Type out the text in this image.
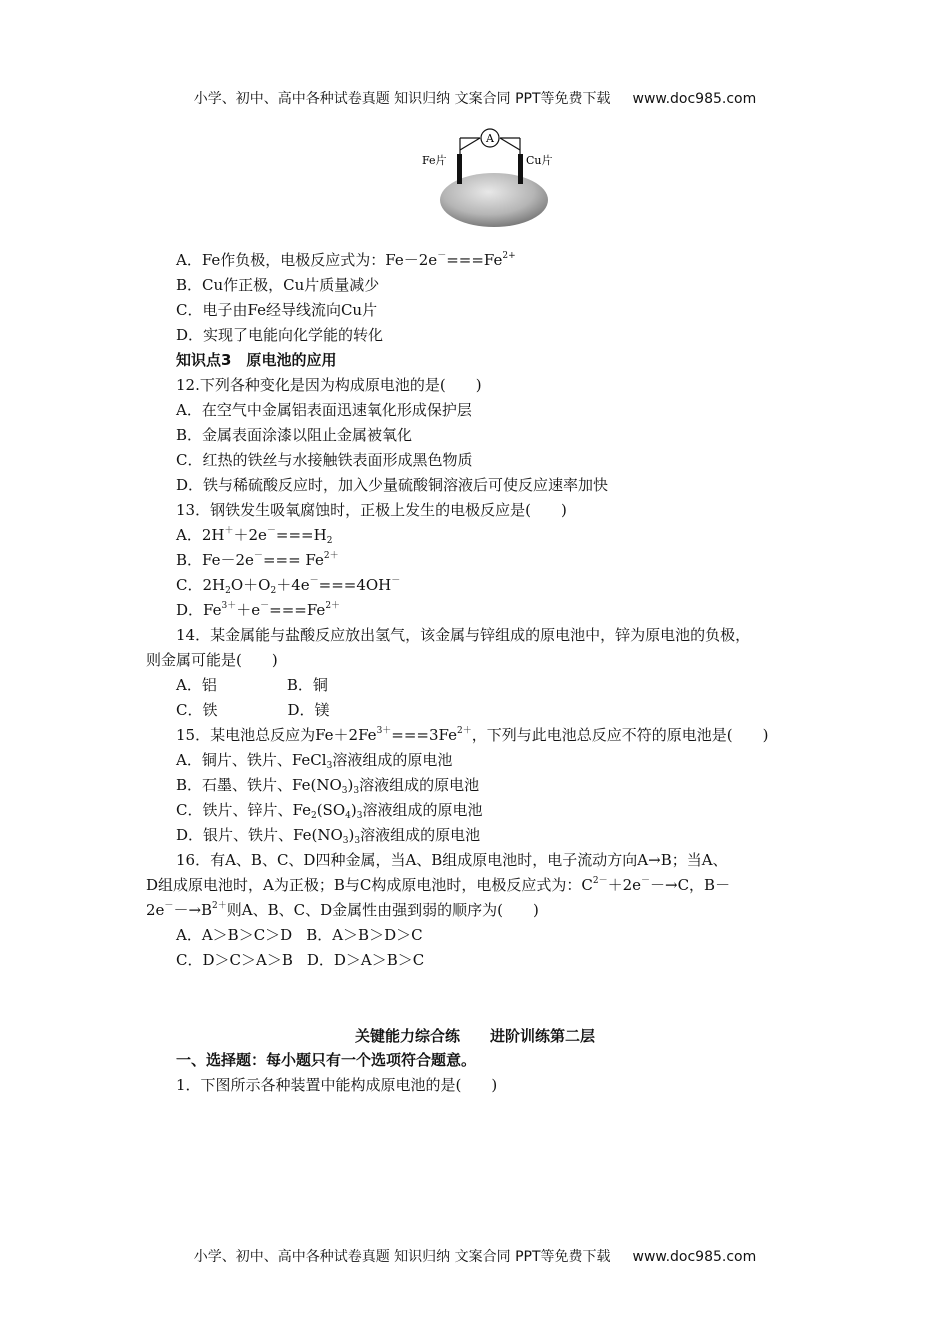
小学、初中、高中各种试卷真题 知识归纳 文案合同 PPT等免费下载 www.doc985.com
A
Fe片	Cu片
A．Fe作负极，电极反应式为：$Fe-2e^-===Fe^{2+}$
B．Cu作正极，Cu片质量减少
C．电子由Fe经导线流向Cu片
D．实现了电能向化学能的转化
知识点3　原电池的应用
12.下列各种变化是因为构成原电池的是(　　)
A．在空气中金属铝表面迅速氧化形成保护层
B．金属表面涂漆以阻止金属被氧化
C．红热的铁丝与水接触铁表面形成黑色物质
D．铁与稀硫酸反应时，加入少量硫酸铜溶液后可使反应速率加快
13．钢铁发生吸氧腐蚀时，正极上发生的电极反应是(　　)
A．$2H^++2e^-===H_2$
B．$Fe-2e^-=== Fe^{2+}$
C．$2H_2O+O_2+4e^-===4OH^-$
D．$Fe^{3+}+e^-===Fe^{2+}$
14．某金属能与盐酸反应放出氢气，该金属与锌组成的原电池中，锌为原电池的负极，
则金属可能是(　　)
A．铝	B．铜
C．铁	D．镁
15．某电池总反应为$Fe+2Fe^{3+}===3Fe^{2+}$，下列与此电池总反应不符的原电池是(　　)
A．铜片、铁片、FeCl$_3$溶液组成的原电池
B．石墨、铁片、$Fe(NO_3)_3$溶液组成的原电池
C．铁片、锌片、$Fe_2(SO_4)_3$溶液组成的原电池
D．银片、铁片、$Fe(NO_3)_3$溶液组成的原电池
16．有A、B、C、D四种金属，当A、B组成原电池时，电子流动方向A→B；当A、
D组成原电池时，A为正极；B与C构成原电池时，电极反应式为：$C^{2-}+2e^--\to C$，B－
$2e^--\to B^{2+}$则A、B、C、D金属性由强到弱的顺序为(　　)
A．A＞B＞C＞D B．A＞B＞D＞C
C．D＞C＞A＞B D．D＞A＞B＞C
关键能力综合练　　进阶训练第二层
一、选择题：每小题只有一个选项符合题意。
1．下图所示各种装置中能构成原电池的是(　　)
小学、初中、高中各种试卷真题 知识归纳 文案合同 PPT等免费下载 www.doc985.com
